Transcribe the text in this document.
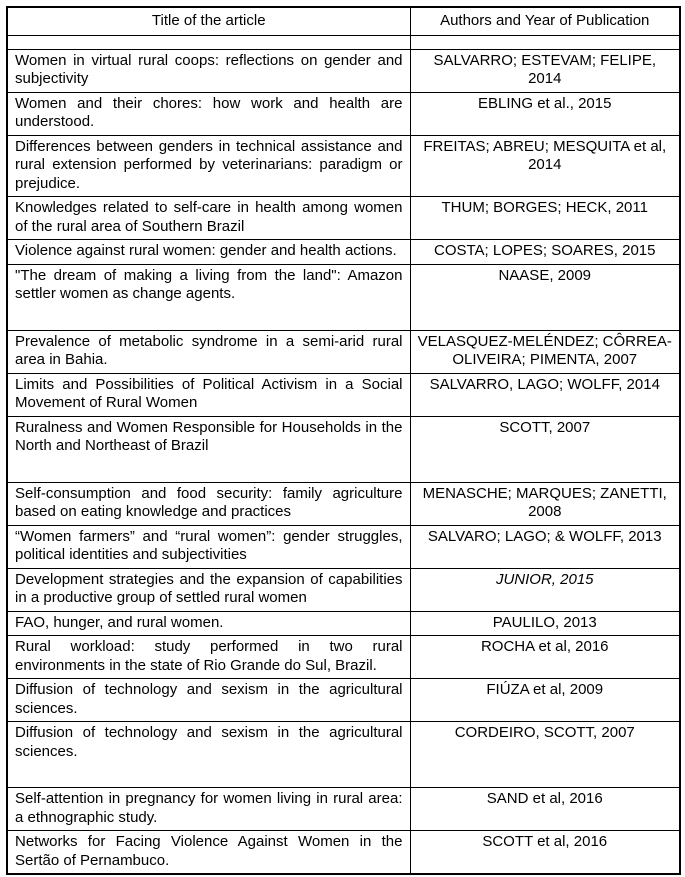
Title of the article	Authors and Year of Publication

Women in virtual rural coops: reflections on gender and subjectivity	SALVARRO; ESTEVAM; FELIPE, 2014
Women and their chores: how work and health are understood.	EBLING et al., 2015
Differences between genders in technical assistance and rural extension performed by veterinarians: paradigm or prejudice.	FREITAS; ABREU; MESQUITA et al, 2014
Knowledges related to self-care in health among women of the rural area of Southern Brazil	THUM; BORGES; HECK, 2011
Violence against rural women: gender and health actions.	COSTA; LOPES; SOARES, 2015
"The dream of making a living from the land": Amazon settler women as change agents.	NAASE, 2009
Prevalence of metabolic syndrome in a semi-arid rural area in Bahia.	VELASQUEZ-MELÉNDEZ; CÔRREA-OLIVEIRA; PIMENTA, 2007
Limits and Possibilities of Political Activism in a Social Movement of Rural Women	SALVARRO, LAGO; WOLFF, 2014
Ruralness and Women Responsible for Households in the North and Northeast of Brazil	SCOTT, 2007
Self-consumption and food security: family agriculture based on eating knowledge and practices	MENASCHE; MARQUES; ZANETTI, 2008
“Women farmers” and “rural women”: gender struggles, political identities and subjectivities	SALVARO; LAGO; & WOLFF, 2013
Development strategies and the expansion of capabilities in a productive group of settled rural women	JUNIOR, 2015
FAO, hunger, and rural women.	PAULILO, 2013
Rural workload: study performed in two rural environments in the state of Rio Grande do Sul, Brazil.	ROCHA et al, 2016
Diffusion of technology and sexism in the agricultural sciences.	FIÚZA et al, 2009
Diffusion of technology and sexism in the agricultural sciences.	CORDEIRO, SCOTT, 2007
Self-attention in pregnancy for women living in rural area: a ethnographic study.	SAND et al, 2016
Networks for Facing Violence Against Women in the Sertão of Pernambuco.	SCOTT et al, 2016
